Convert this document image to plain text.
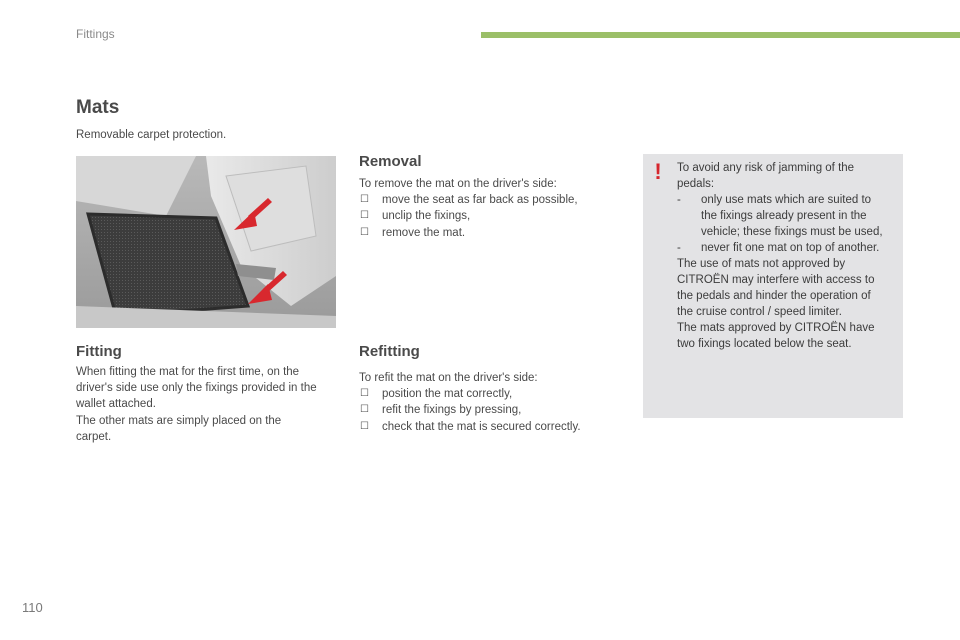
Fittings
Mats
Removable carpet protection.
Fitting

When fitting the mat for the first time, on the

driver's side use only the fixings provided in the

wallet attached.

The other mats are simply placed on the

carpet.

Removal

To remove the mat on the driver's side:

☐	move the seat as far back as possible,
☐	unclip the fixings,
☐	remove the mat.
Refitting

To refit the mat on the driver's side:

☐	position the mat correctly,
☐	refit the fixings by pressing,
☐	check that the mat is secured correctly.
! To avoid any risk of jamming of the

pedals:

-	only use mats which are suited to

the fixings already present in the

vehicle; these fixings must be used,

-	never fit one mat on top of another.

The use of mats not approved by

CITROËN may interfere with access to

the pedals and hinder the operation of

the cruise control / speed limiter.

The mats approved by CITROËN have

two fixings located below the seat.

110
